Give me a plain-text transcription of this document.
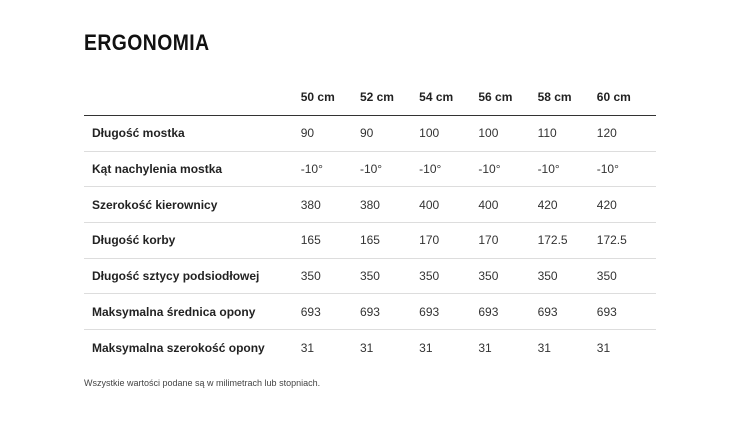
ERGONOMIA
	50 cm	52 cm	54 cm	56 cm	58 cm	60 cm
Długość mostka	90	90	100	100	110	120
Kąt nachylenia mostka	-10°	-10°	-10°	-10°	-10°	-10°
Szerokość kierownicy	380	380	400	400	420	420
Długość korby	165	165	170	170	172.5	172.5
Długość sztycy podsiodłowej	350	350	350	350	350	350
Maksymalna średnica opony	693	693	693	693	693	693
Maksymalna szerokość opony	31	31	31	31	31	31

Wszystkie wartości podane są w milimetrach lub stopniach.
